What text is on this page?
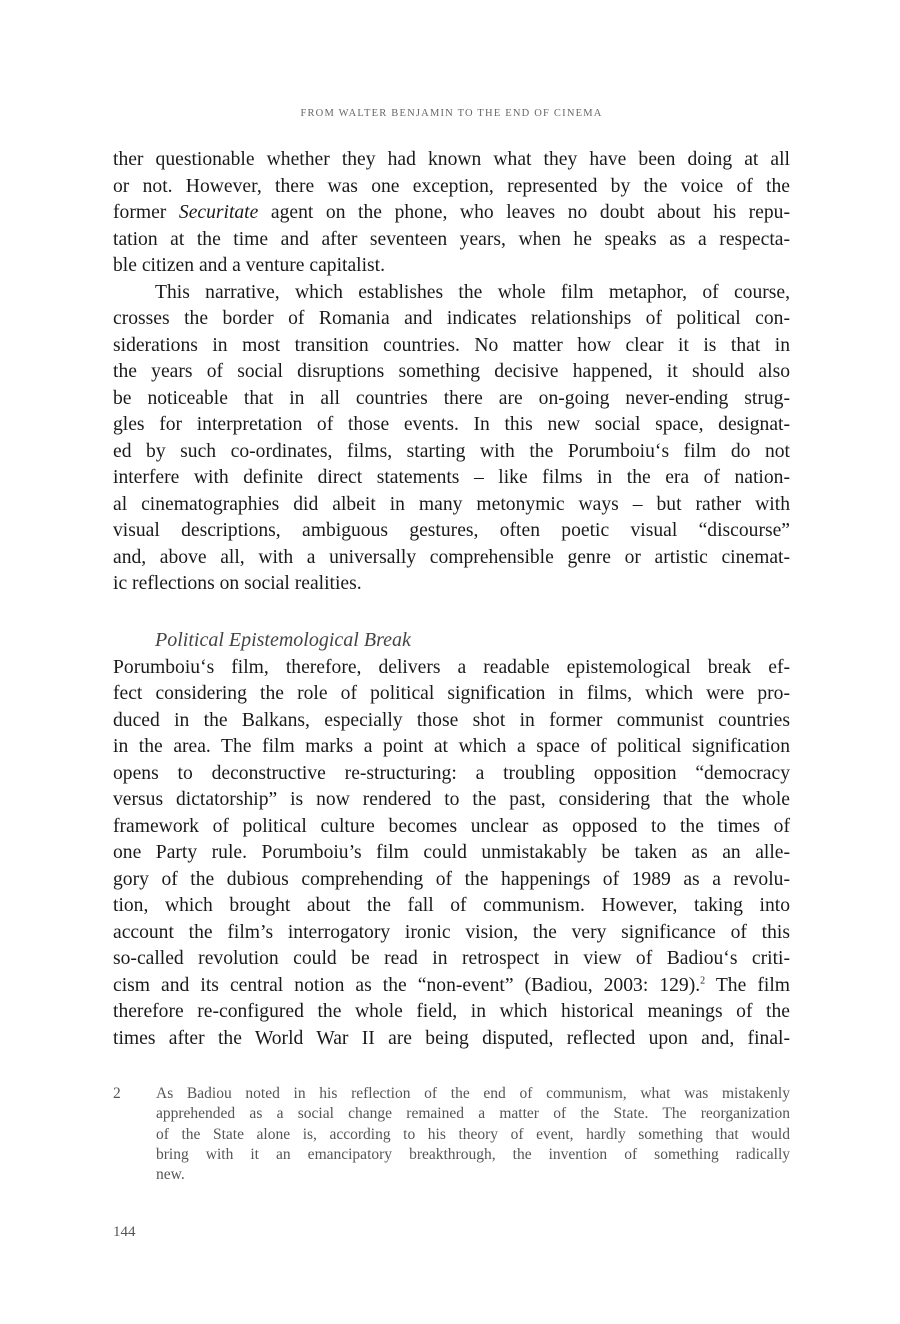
FROM WALTER BENJAMIN TO THE END OF CINEMA
ther questionable whether they had known what they have been doing at all
or not. However, there was one exception, represented by the voice of the
former Securitate agent on the phone, who leaves no doubt about his repu-
tation at the time and after seventeen years, when he speaks as a respecta-
ble citizen and a venture capitalist.
This narrative, which establishes the whole film metaphor, of course,
crosses the border of Romania and indicates relationships of political con-
siderations in most transition countries. No matter how clear it is that in
the years of social disruptions something decisive happened, it should also
be noticeable that in all countries there are on-going never-ending strug-
gles for interpretation of those events. In this new social space, designat-
ed by such co-ordinates, films, starting with the Porumboiu‘s film do not
interfere with definite direct statements – like films in the era of nation-
al cinematographies did albeit in many metonymic ways – but rather with
visual descriptions, ambiguous gestures, often poetic visual “discourse”
and, above all, with a universally comprehensible genre or artistic cinemat-
ic reflections on social realities.
Political Epistemological Break
Porumboiu‘s film, therefore, delivers a readable epistemological break ef-
fect considering the role of political signification in films, which were pro-
duced in the Balkans, especially those shot in former communist countries
in the area. The film marks a point at which a space of political signification
opens to deconstructive re-structuring: a troubling opposition “democracy
versus dictatorship” is now rendered to the past, considering that the whole
framework of political culture becomes unclear as opposed to the times of
one Party rule. Porumboiu’s film could unmistakably be taken as an alle-
gory of the dubious comprehending of the happenings of 1989 as a revolu-
tion, which brought about the fall of communism. However, taking into
account the film’s interrogatory ironic vision, the very significance of this
so-called revolution could be read in retrospect in view of Badiou‘s criti-
cism and its central notion as the “non-event” (Badiou, 2003: 129).$^2$ The film
therefore re-configured the whole field, in which historical meanings of the
times after the World War II are being disputed, reflected upon and, final-
2 As Badiou noted in his reflection of the end of communism, what was mistakenly
apprehended as a social change remained a matter of the State. The reorganization
of the State alone is, according to his theory of event, hardly something that would
bring with it an emancipatory breakthrough, the invention of something radically
new.
144
